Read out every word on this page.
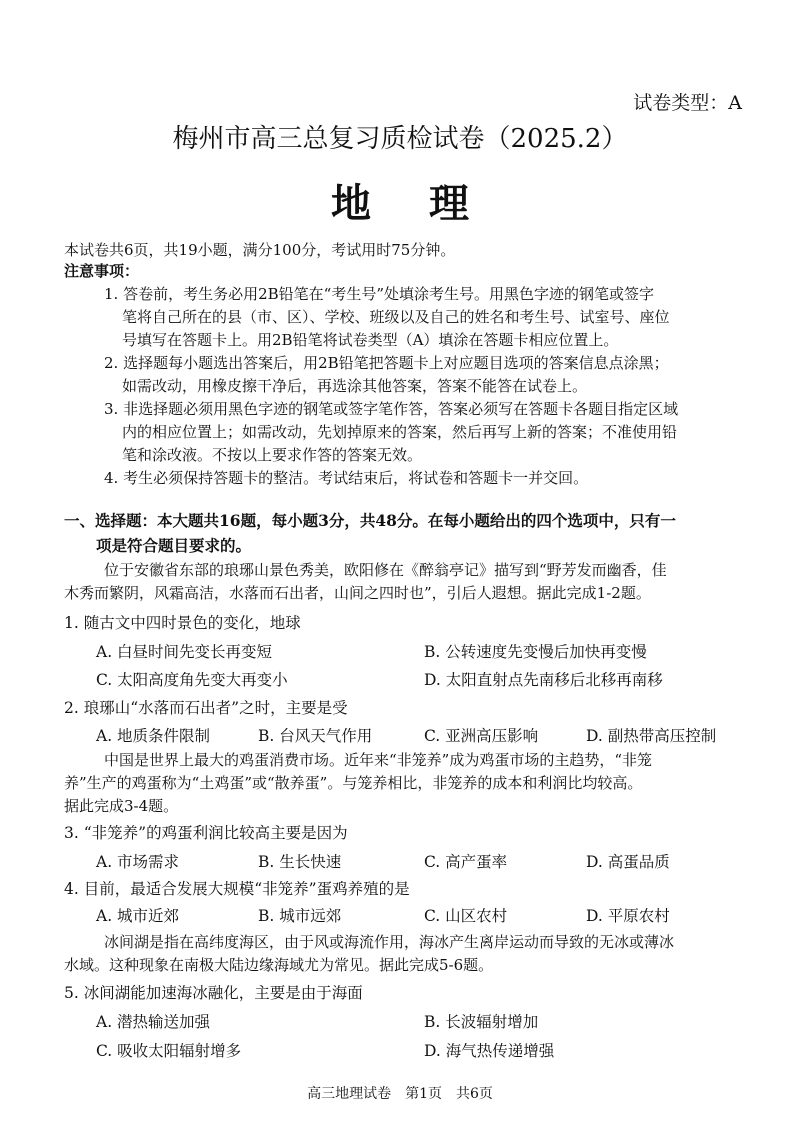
试卷类型：A
梅州市高三总复习质检试卷（2025.2）
地理
本试卷共6页，共19小题，满分100分，考试用时75分钟。
注意事项：
1. 答卷前，考生务必用2B铅笔在“考生号”处填涂考生号。用黑色字迹的钢笔或签字
笔将自己所在的县（市、区）、学校、班级以及自己的姓名和考生号、试室号、座位
号填写在答题卡上。用2B铅笔将试卷类型（A）填涂在答题卡相应位置上。
2. 选择题每小题选出答案后，用2B铅笔把答题卡上对应题目选项的答案信息点涂黑；
如需改动，用橡皮擦干净后，再选涂其他答案，答案不能答在试卷上。
3. 非选择题必须用黑色字迹的钢笔或签字笔作答，答案必须写在答题卡各题目指定区域
内的相应位置上；如需改动，先划掉原来的答案，然后再写上新的答案；不准使用铅
笔和涂改液。不按以上要求作答的答案无效。
4. 考生必须保持答题卡的整洁。考试结束后，将试卷和答题卡一并交回。
一、选择题：本大题共16题，每小题3分，共48分。在每小题给出的四个选项中，只有一
项是符合题目要求的。
位于安徽省东部的琅琊山景色秀美，欧阳修在《醉翁亭记》描写到“野芳发而幽香，佳
木秀而繁阴，风霜高洁，水落而石出者，山间之四时也”，引后人遐想。据此完成1-2题。
1. 随古文中四时景色的变化，地球
A. 白昼时间先变长再变短	B. 公转速度先变慢后加快再变慢
C. 太阳高度角先变大再变小	D. 太阳直射点先南移后北移再南移
2. 琅琊山“水落而石出者”之时，主要是受
A. 地质条件限制	B. 台风天气作用	C. 亚洲高压影响	D. 副热带高压控制
中国是世界上最大的鸡蛋消费市场。近年来“非笼养”成为鸡蛋市场的主趋势，“非笼
养”生产的鸡蛋称为“土鸡蛋”或“散养蛋”。与笼养相比，非笼养的成本和利润比均较高。
据此完成3-4题。
3. “非笼养”的鸡蛋利润比较高主要是因为
A. 市场需求	B. 生长快速	C. 高产蛋率	D. 高蛋品质
4. 目前，最适合发展大规模“非笼养”蛋鸡养殖的是
A. 城市近郊	B. 城市远郊	C. 山区农村	D. 平原农村
冰间湖是指在高纬度海区，由于风或海流作用，海冰产生离岸运动而导致的无冰或薄冰
水域。这种现象在南极大陆边缘海域尤为常见。据此完成5-6题。
5. 冰间湖能加速海冰融化，主要是由于海面
A. 潜热输送加强	B. 长波辐射增加
C. 吸收太阳辐射增多	D. 海气热传递增强
高三地理试卷　第1页　共6页
